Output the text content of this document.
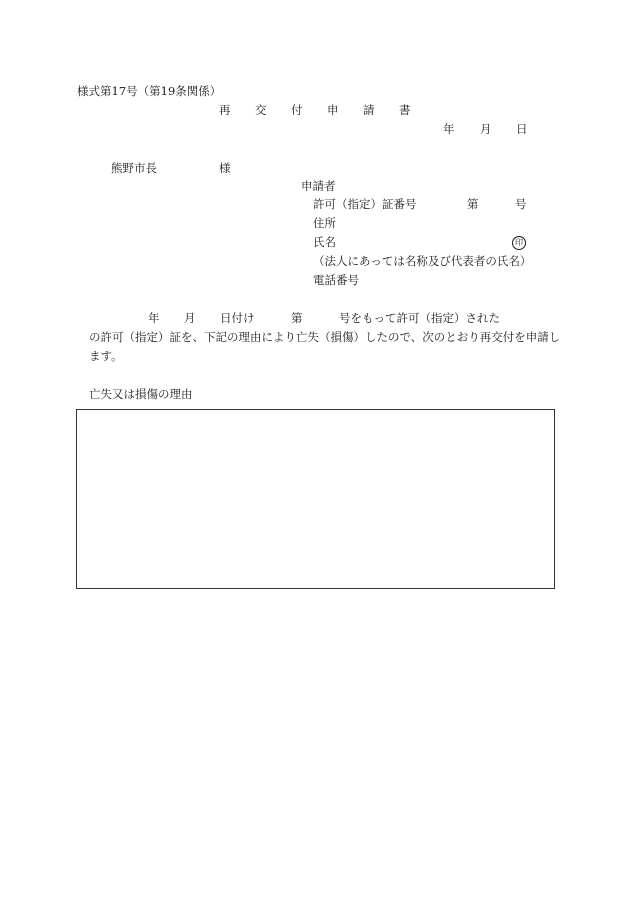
様式第17号（第19条関係）
再 交 付 申 請 書
年 月 日
熊野市長	様
申請者
許可（指定）証番号	第	号
住所
氏名	印
（法人にあっては名称及び代表者の氏名）
電話番号
年 月 日付け	第	号をもって許可（指定）された
の許可（指定）証を、下記の理由により亡失（損傷）したので、次のとおり再交付を申請し
ます。
亡失又は損傷の理由
